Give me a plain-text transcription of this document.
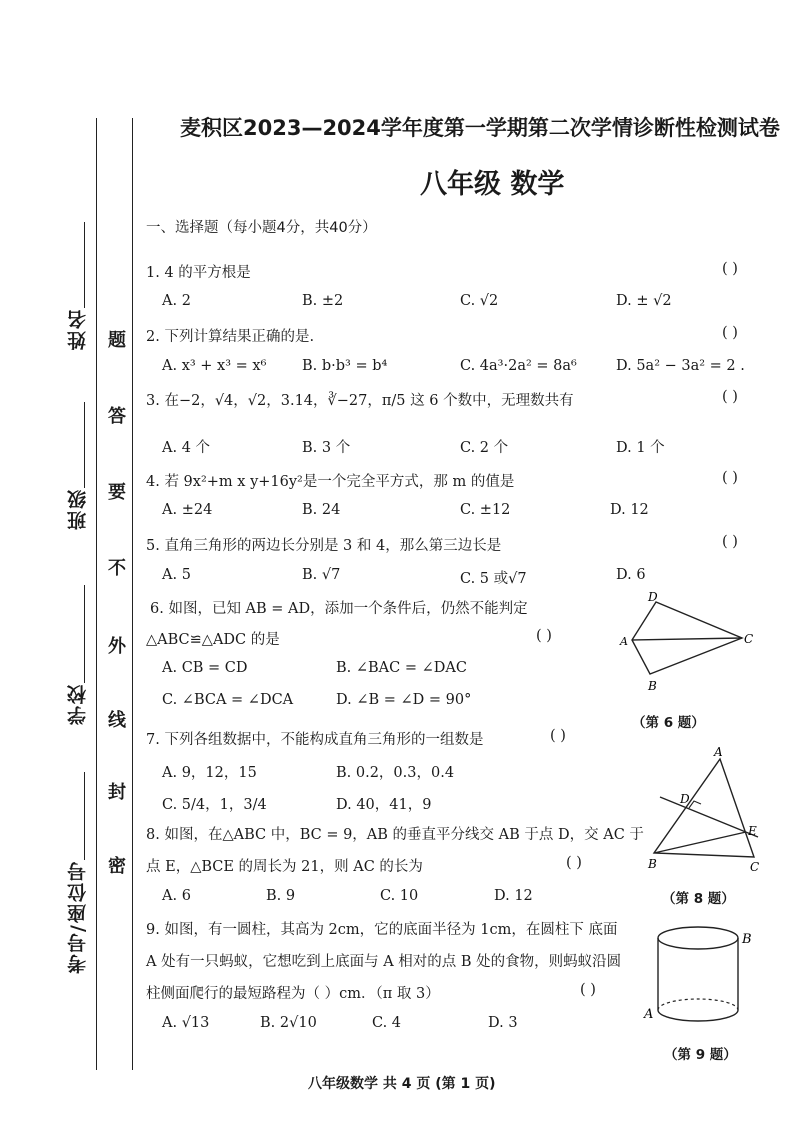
姓名
班级
学校
考号/座位号
题
答
要
不
外
线
封
密
麦积区2023—2024学年度第一学期第二次学情诊断性检测试卷
八年级 数学
一、选择题（每小题4分，共40分）
1. 4 的平方根是	( )
A. 2	B. ±2	C. √2	D. ± √2
2. 下列计算结果正确的是.	( )
A. x³ + x³ = x⁶ B. b·b³ = b⁴	C. 4a³·2a² = 8a⁶	D. 5a² − 3a² = 2 .
3. 在−2，√4，√2，3.14，∛−27，π/5 这 6 个数中，无理数共有	( )
A. 4 个	B. 3 个	C. 2 个	D. 1 个
4. 若 9x²+m x y+16y²是一个完全平方式，那 m 的值是	( )
A. ±24	B. 24	C. ±12	D. 12
5. 直角三角形的两边长分别是 3 和 4，那么第三边长是	( )
A. 5	B. √7	C. 5 或√7	D. 6
6. 如图，已知 AB = AD，添加一个条件后，仍然不能判定
△ABC≌△ADC 的是	( )
A. CB = CD	B. ∠BAC = ∠DAC
C. ∠BCA = ∠DCA	D. ∠B = ∠D = 90°
D
A	C
B
（第 6 题）
7. 下列各组数据中，不能构成直角三角形的一组数是	( )
A. 9，12，15	B. 0.2，0.3，0.4
C. 5/4，1，3/4	D. 40，41，9
A
D
E
B	C
（第 8 题）
8. 如图，在△ABC 中，BC = 9，AB 的垂直平分线交 AB 于点 D，交 AC 于
点 E，△BCE 的周长为 21，则 AC 的长为	( )
A. 6	B. 9	C. 10	D. 12
9. 如图，有一圆柱，其高为 2cm，它的底面半径为 1cm，在圆柱下 底面
A 处有一只蚂蚁，它想吃到上底面与 A 相对的点 B 处的食物，则蚂蚁沿圆
柱侧面爬行的最短路程为（ ）cm．（π 取 3）	( )
A. √13	B. 2√10	C. 4	D. 3
B
A
（第 9 题）
八年级数学 共 4 页 (第 1 页)
